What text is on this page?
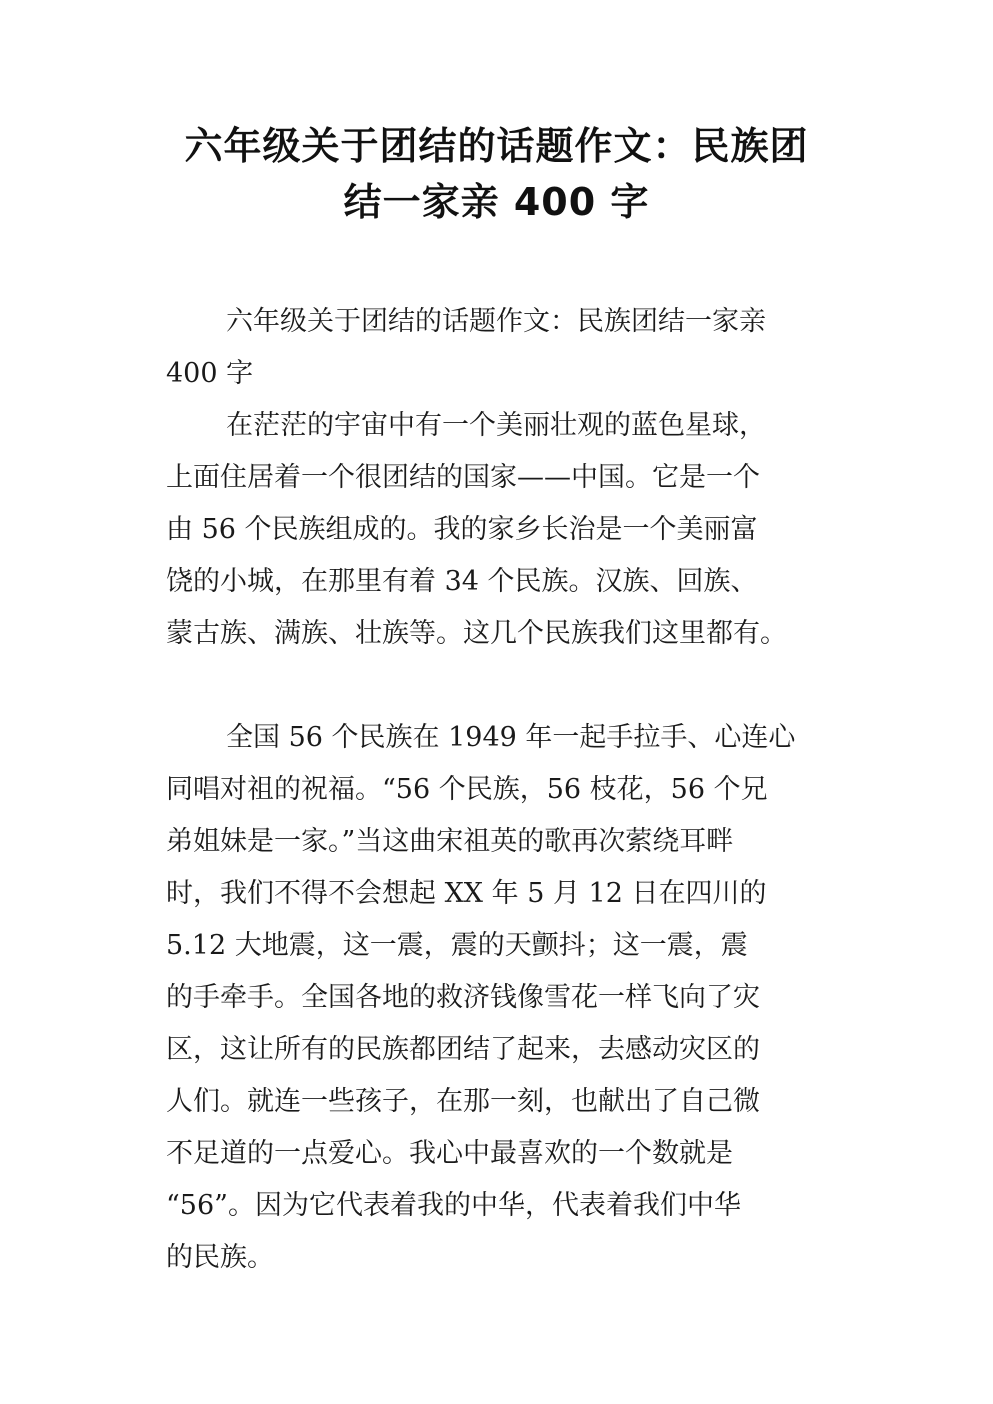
六年级关于团结的话题作文：民族团
结一家亲 400 字
六年级关于团结的话题作文：民族团结一家亲
400 字
在茫茫的宇宙中有一个美丽壮观的蓝色星球，
上面住居着一个很团结的国家——中国。它是一个
由 56 个民族组成的。我的家乡长治是一个美丽富
饶的小城，在那里有着 34 个民族。汉族、回族、
蒙古族、满族、壮族等。这几个民族我们这里都有。
全国 56 个民族在 1949 年一起手拉手、心连心
同唱对祖的祝福。“56 个民族，56 枝花，56 个兄
弟姐妹是一家。”当这曲宋祖英的歌再次萦绕耳畔
时，我们不得不会想起 XX 年 5 月 12 日在四川的
5.12 大地震，这一震，震的天颤抖；这一震，震
的手牵手。全国各地的救济钱像雪花一样飞向了灾
区，这让所有的民族都团结了起来，去感动灾区的
人们。就连一些孩子，在那一刻，也献出了自己微
不足道的一点爱心。我心中最喜欢的一个数就是
“56”。因为它代表着我的中华，代表着我们中华
的民族。
